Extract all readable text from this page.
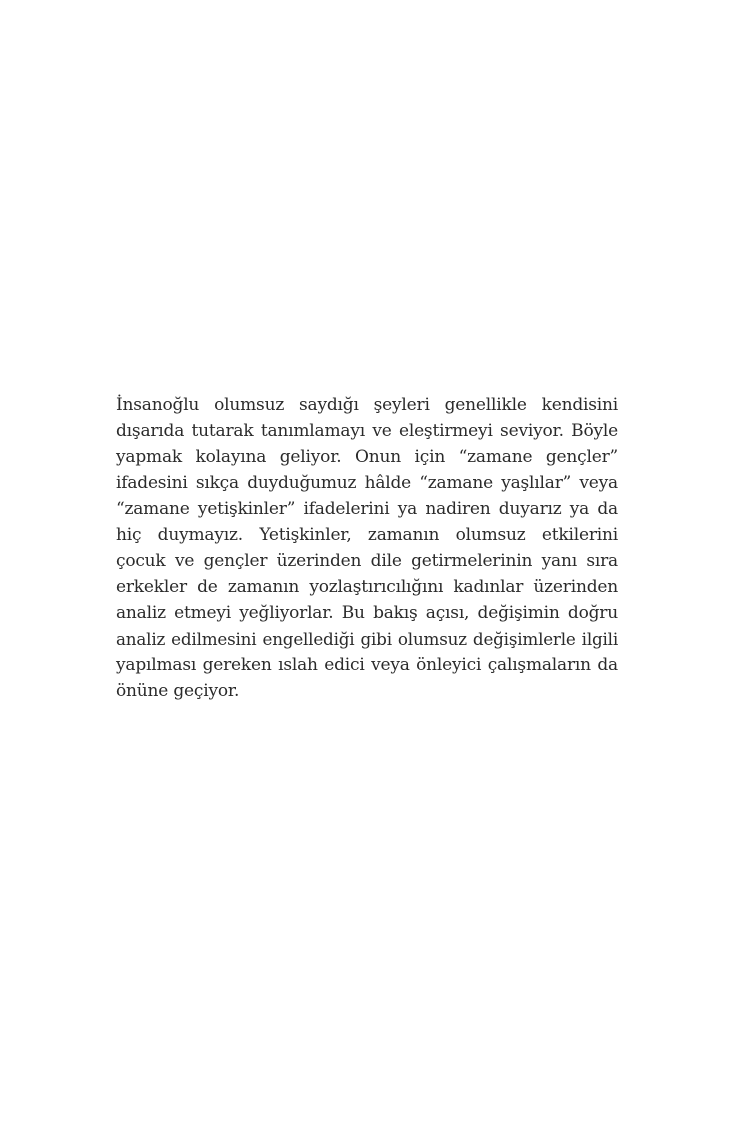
İnsanoğlu olumsuz saydığı şeyleri genellikle kendisini
dışarıda tutarak tanımlamayı ve eleştirmeyi seviyor. Böyle
yapmak kolayına geliyor. Onun için “zamane gençler”
ifadesini sıkça duyduğumuz hâlde “zamane yaşlılar” veya
“zamane yetişkinler” ifadelerini ya nadiren duyarız ya da
hiç duymayız. Yetişkinler, zamanın olumsuz etkilerini
çocuk ve gençler üzerinden dile getirmelerinin yanı sıra
erkekler de zamanın yozlaştırıcılığını kadınlar üzerinden
analiz etmeyi yeğliyorlar. Bu bakış açısı, değişimin doğru
analiz edilmesini engellediği gibi olumsuz değişimlerle ilgili
yapılması gereken ıslah edici veya önleyici çalışmaların da
önüne geçiyor.
